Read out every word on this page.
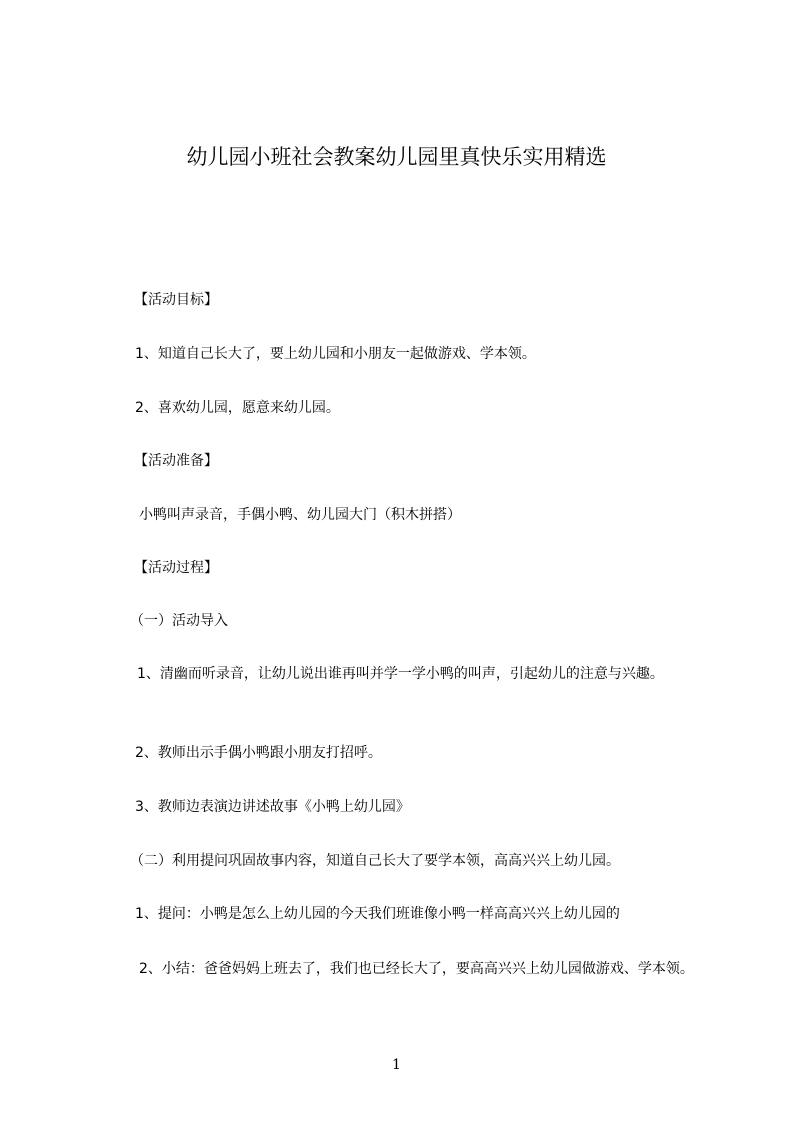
幼儿园小班社会教案幼儿园里真快乐实用精选
【活动目标】
1、知道自己长大了，要上幼儿园和小朋友一起做游戏、学本领。
2、喜欢幼儿园，愿意来幼儿园。
【活动准备】
小鸭叫声录音，手偶小鸭、幼儿园大门（积木拼搭）
【活动过程】
（一）活动导入
1、清幽而听录音，让幼儿说出谁再叫并学一学小鸭的叫声，引起幼儿的注意与兴趣。
2、教师出示手偶小鸭跟小朋友打招呼。
3、教师边表演边讲述故事《小鸭上幼儿园》
（二）利用提问巩固故事内容，知道自己长大了要学本领，高高兴兴上幼儿园。
1、提问：小鸭是怎么上幼儿园的今天我们班谁像小鸭一样高高兴兴上幼儿园的
2、小结：爸爸妈妈上班去了，我们也已经长大了，要高高兴兴上幼儿园做游戏、学本领。
1
